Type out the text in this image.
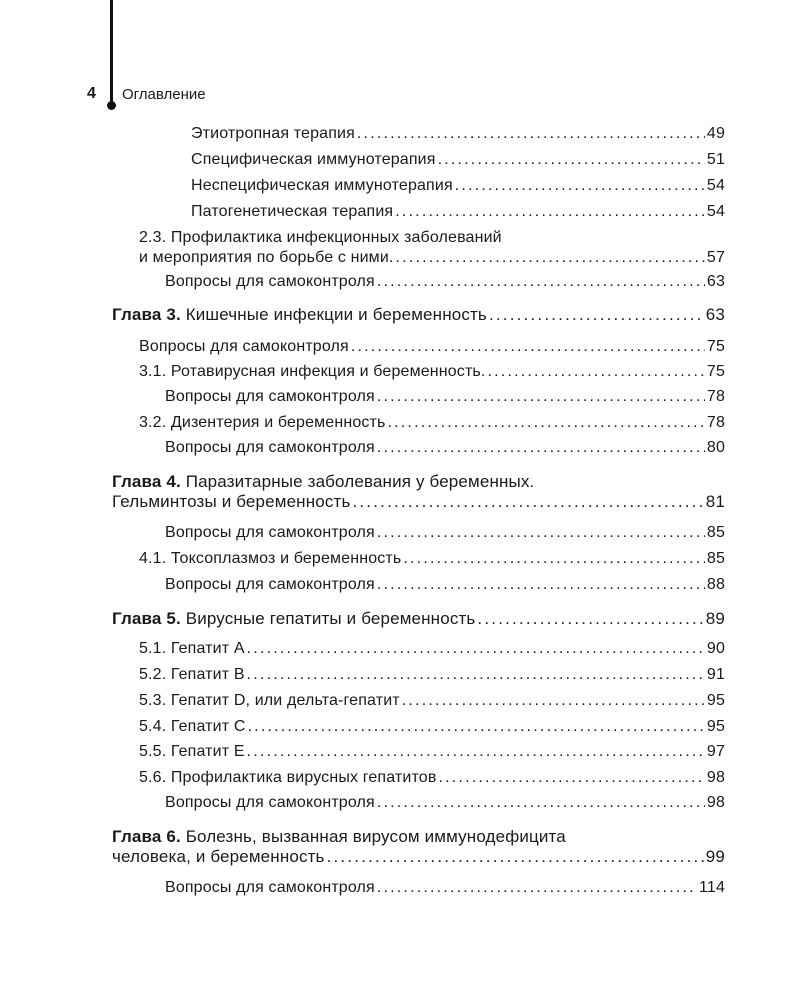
4 Оглавление
Этиотропная терапия .....	49
Специфическая иммунотерапия .....	51
Неспецифическая иммунотерапия .....	54
Патогенетическая терапия .....	54
2.3. Профилактика инфекционных заболеваний
и мероприятия по борьбе с ними. .....	57
Вопросы для самоконтроля .....	63
Глава 3. Кишечные инфекции и беременность .....	63
Вопросы для самоконтроля .....	75
3.1. Ротавирусная инфекция и беременность. .....	75
Вопросы для самоконтроля .....	78
3.2. Дизентерия и беременность .....	78
Вопросы для самоконтроля .....	80
Глава 4. Паразитарные заболевания у беременных.
Гельминтозы и беременность .....	81
Вопросы для самоконтроля .....	85
4.1. Токсоплазмоз и беременность .....	85
Вопросы для самоконтроля .....	88
Глава 5. Вирусные гепатиты и беременность .....	89
5.1. Гепатит А .....	90
5.2. Гепатит В .....	91
5.3. Гепатит D, или дельта-гепатит .....	95
5.4. Гепатит С .....	95
5.5. Гепатит Е .....	97
5.6. Профилактика вирусных гепатитов .....	98
Вопросы для самоконтроля .....	98
Глава 6. Болезнь, вызванная вирусом иммунодефицита
человека, и беременность .....	99
Вопросы для самоконтроля .....	114
